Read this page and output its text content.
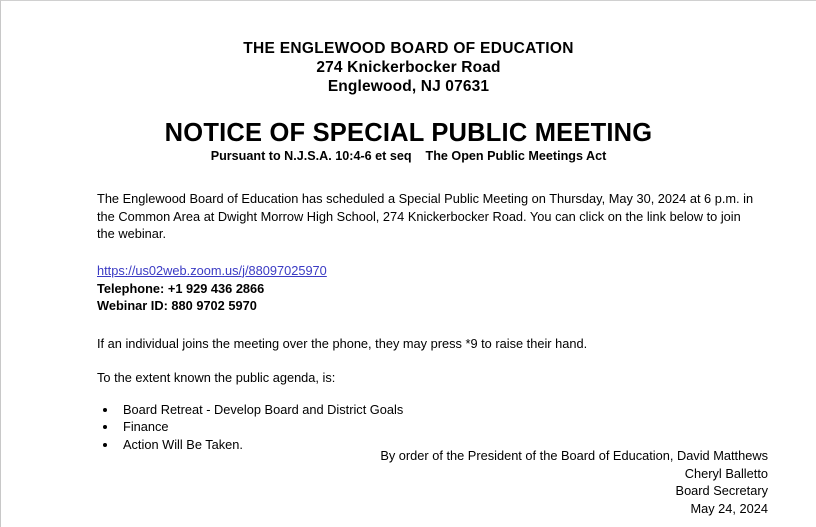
THE ENGLEWOOD BOARD OF EDUCATION
274 Knickerbocker Road
Englewood, NJ 07631
NOTICE OF SPECIAL PUBLIC MEETING
Pursuant to N.J.S.A. 10:4-6 et seq    The Open Public Meetings Act
The Englewood Board of Education has scheduled a Special Public Meeting on Thursday, May 30, 2024 at 6 p.m. in the Common Area at Dwight Morrow High School, 274 Knickerbocker Road. You can click on the link below to join the webinar.
https://us02web.zoom.us/j/88097025970
Telephone: +1 929 436 2866
Webinar ID: 880 9702 5970
If an individual joins the meeting over the phone, they may press *9 to raise their hand.
To the extent known the public agenda, is:
Board Retreat - Develop Board and District Goals
Finance
Action Will Be Taken.
By order of the President of the Board of Education, David Matthews
Cheryl Balletto
Board Secretary
May 24, 2024
